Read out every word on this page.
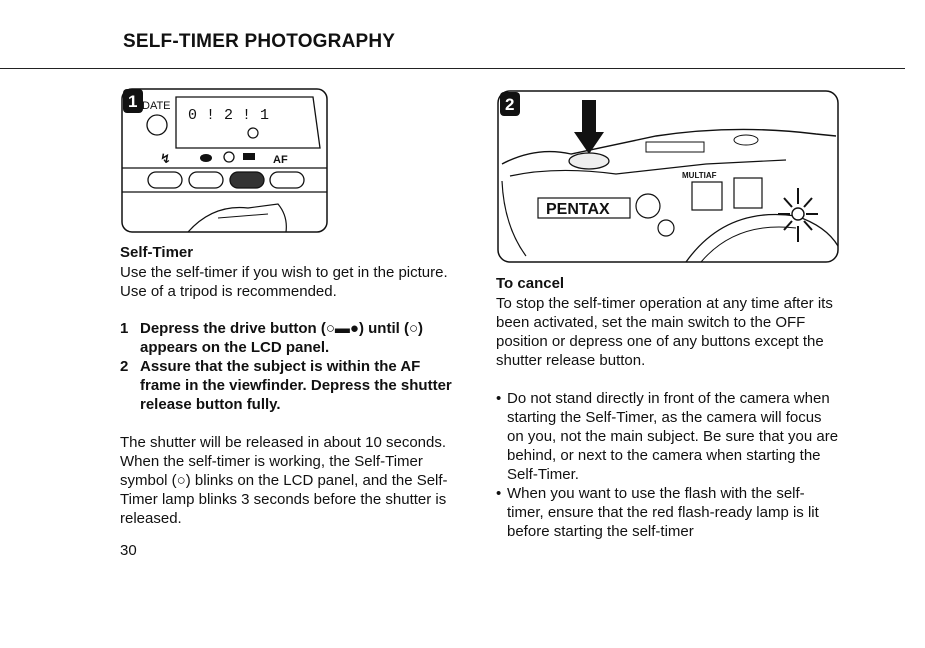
SELF-TIMER PHOTOGRAPHY
1 DATE
0 ! 2 ! 1
↯	AF
2
PENTAX
MULTIAF
Self-Timer
Use the self-timer if you wish to get in the picture. Use of a tripod is recommended.
1 Depress the drive button (○▬●) until (○) appears on the LCD panel.
2 Assure that the subject is within the AF frame in the viewfinder. Depress the shutter release button fully.
The shutter will be released in about 10 seconds. When the self-timer is working, the Self-Timer symbol (○) blinks on the LCD panel, and the Self-Timer lamp blinks 3 seconds before the shutter is released.
30
To cancel
To stop the self-timer operation at any time after its been activated, set the main switch to the OFF position or depress one of any buttons except the shutter release button.
• Do not stand directly in front of the camera when starting the Self-Timer, as the camera will focus on you, not the main subject. Be sure that you are behind, or next to the camera when starting the Self-Timer.
• When you want to use the flash with the self-timer, ensure that the red flash-ready lamp is lit before starting the self-timer
